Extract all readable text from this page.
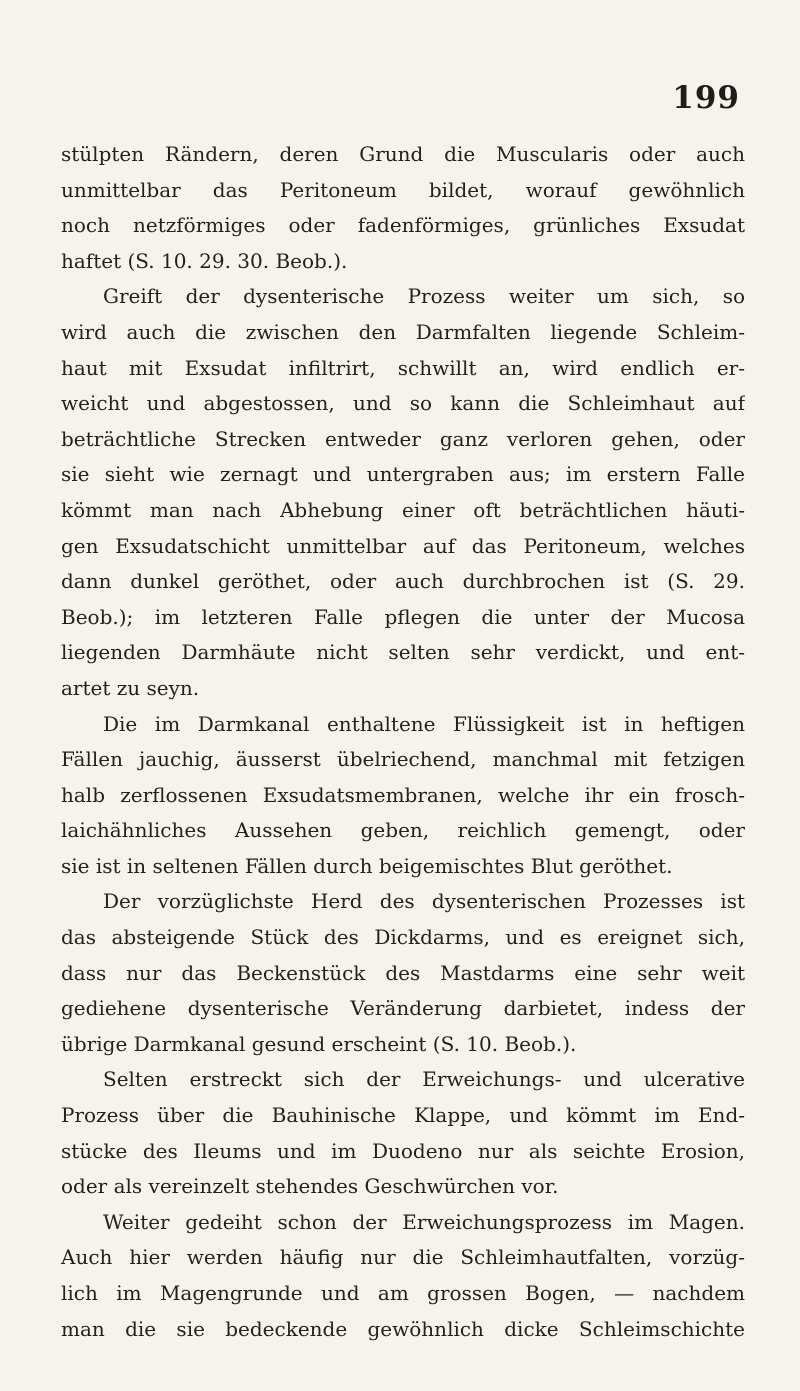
199
stülpten Rändern, deren Grund die Muscularis oder auch
unmittelbar das Peritoneum bildet, worauf gewöhnlich
noch netzförmiges oder fadenförmiges, grünliches Exsudat
haftet (S. 10. 29. 30. Beob.).
Greift der dysenterische Prozess weiter um sich, so
wird auch die zwischen den Darmfalten liegende Schleim-
haut mit Exsudat infiltrirt, schwillt an, wird endlich er-
weicht und abgestossen, und so kann die Schleimhaut auf
beträchtliche Strecken entweder ganz verloren gehen, oder
sie sieht wie zernagt und untergraben aus; im erstern Falle
kömmt man nach Abhebung einer oft beträchtlichen häuti-
gen Exsudatschicht unmittelbar auf das Peritoneum, welches
dann dunkel geröthet, oder auch durchbrochen ist (S. 29.
Beob.); im letzteren Falle pflegen die unter der Mucosa
liegenden Darmhäute nicht selten sehr verdickt, und ent-
artet zu seyn.
Die im Darmkanal enthaltene Flüssigkeit ist in heftigen
Fällen jauchig, äusserst übelriechend, manchmal mit fetzigen
halb zerflossenen Exsudatsmembranen, welche ihr ein frosch-
laichähnliches Aussehen geben, reichlich gemengt, oder
sie ist in seltenen Fällen durch beigemischtes Blut geröthet.
Der vorzüglichste Herd des dysenterischen Prozesses ist
das absteigende Stück des Dickdarms, und es ereignet sich,
dass nur das Beckenstück des Mastdarms eine sehr weit
gediehene dysenterische Veränderung darbietet, indess der
übrige Darmkanal gesund erscheint (S. 10. Beob.).
Selten erstreckt sich der Erweichungs- und ulcerative
Prozess über die Bauhinische Klappe, und kömmt im End-
stücke des Ileums und im Duodeno nur als seichte Erosion,
oder als vereinzelt stehendes Geschwürchen vor.
Weiter gedeiht schon der Erweichungsprozess im Magen.
Auch hier werden häufig nur die Schleimhautfalten, vorzüg-
lich im Magengrunde und am grossen Bogen, — nachdem
man die sie bedeckende gewöhnlich dicke Schleimschichte
